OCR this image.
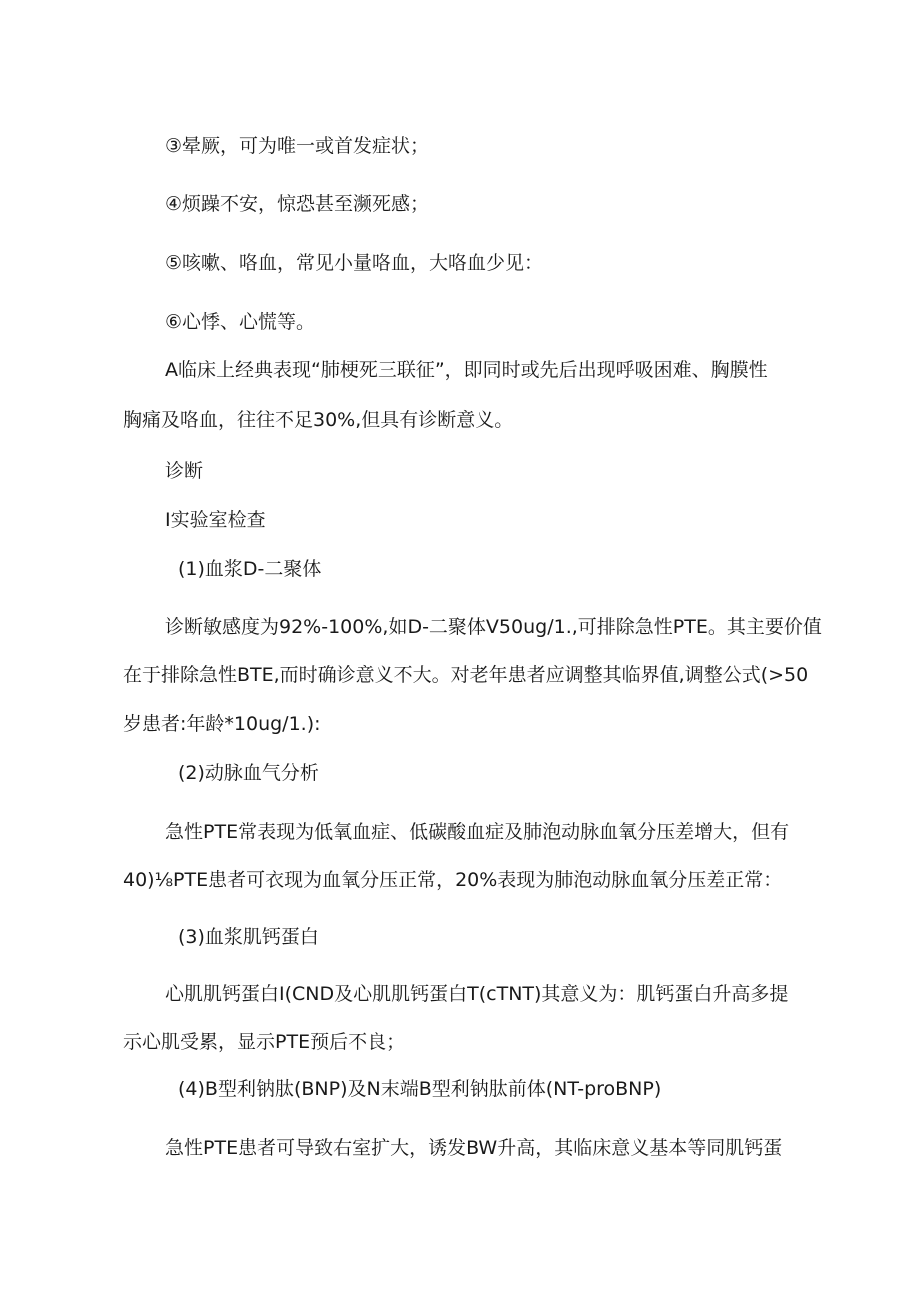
③晕厥，可为唯一或首发症状；
④烦躁不安，惊恐甚至濒死感；
⑤咳嗽、咯血，常见小量咯血，大咯血少见：
⑥心悸、心慌等。
A临床上经典表现“肺梗死三联征”，即同时或先后出现呼吸困难、胸膜性
胸痛及咯血，往往不足30%,但具有诊断意义。
诊断
I实验室检查
(1)血浆D-二聚体
诊断敏感度为92%-100%,如D-二聚体V50ug∕1.,可排除急性PTE。其主要价值
在于排除急性BTE,而时确诊意义不大。对老年患者应调整其临界值,调整公式(>50
岁患者:年龄*10ug∕1.):
(2)动脉血气分析
急性PTE常表现为低氧血症、低碳酸血症及肺泡动脉血氧分压差增大，但有
40)⅛PTE患者可衣现为血氧分压正常，20%表现为肺泡动脉血氧分压差正常：
(3)血浆肌钙蛋白
心肌肌钙蛋白I(CND及心肌肌钙蛋白T(cTNT)其意义为：肌钙蛋白升高多提
示心肌受累，显示PTE预后不良；
(4)B型利钠肽(BNP)及N末端B型利钠肽前体(NT-proBNP)
急性PTE患者可导致右室扩大，诱发BW升高，其临床意义基本等同肌钙蛋
